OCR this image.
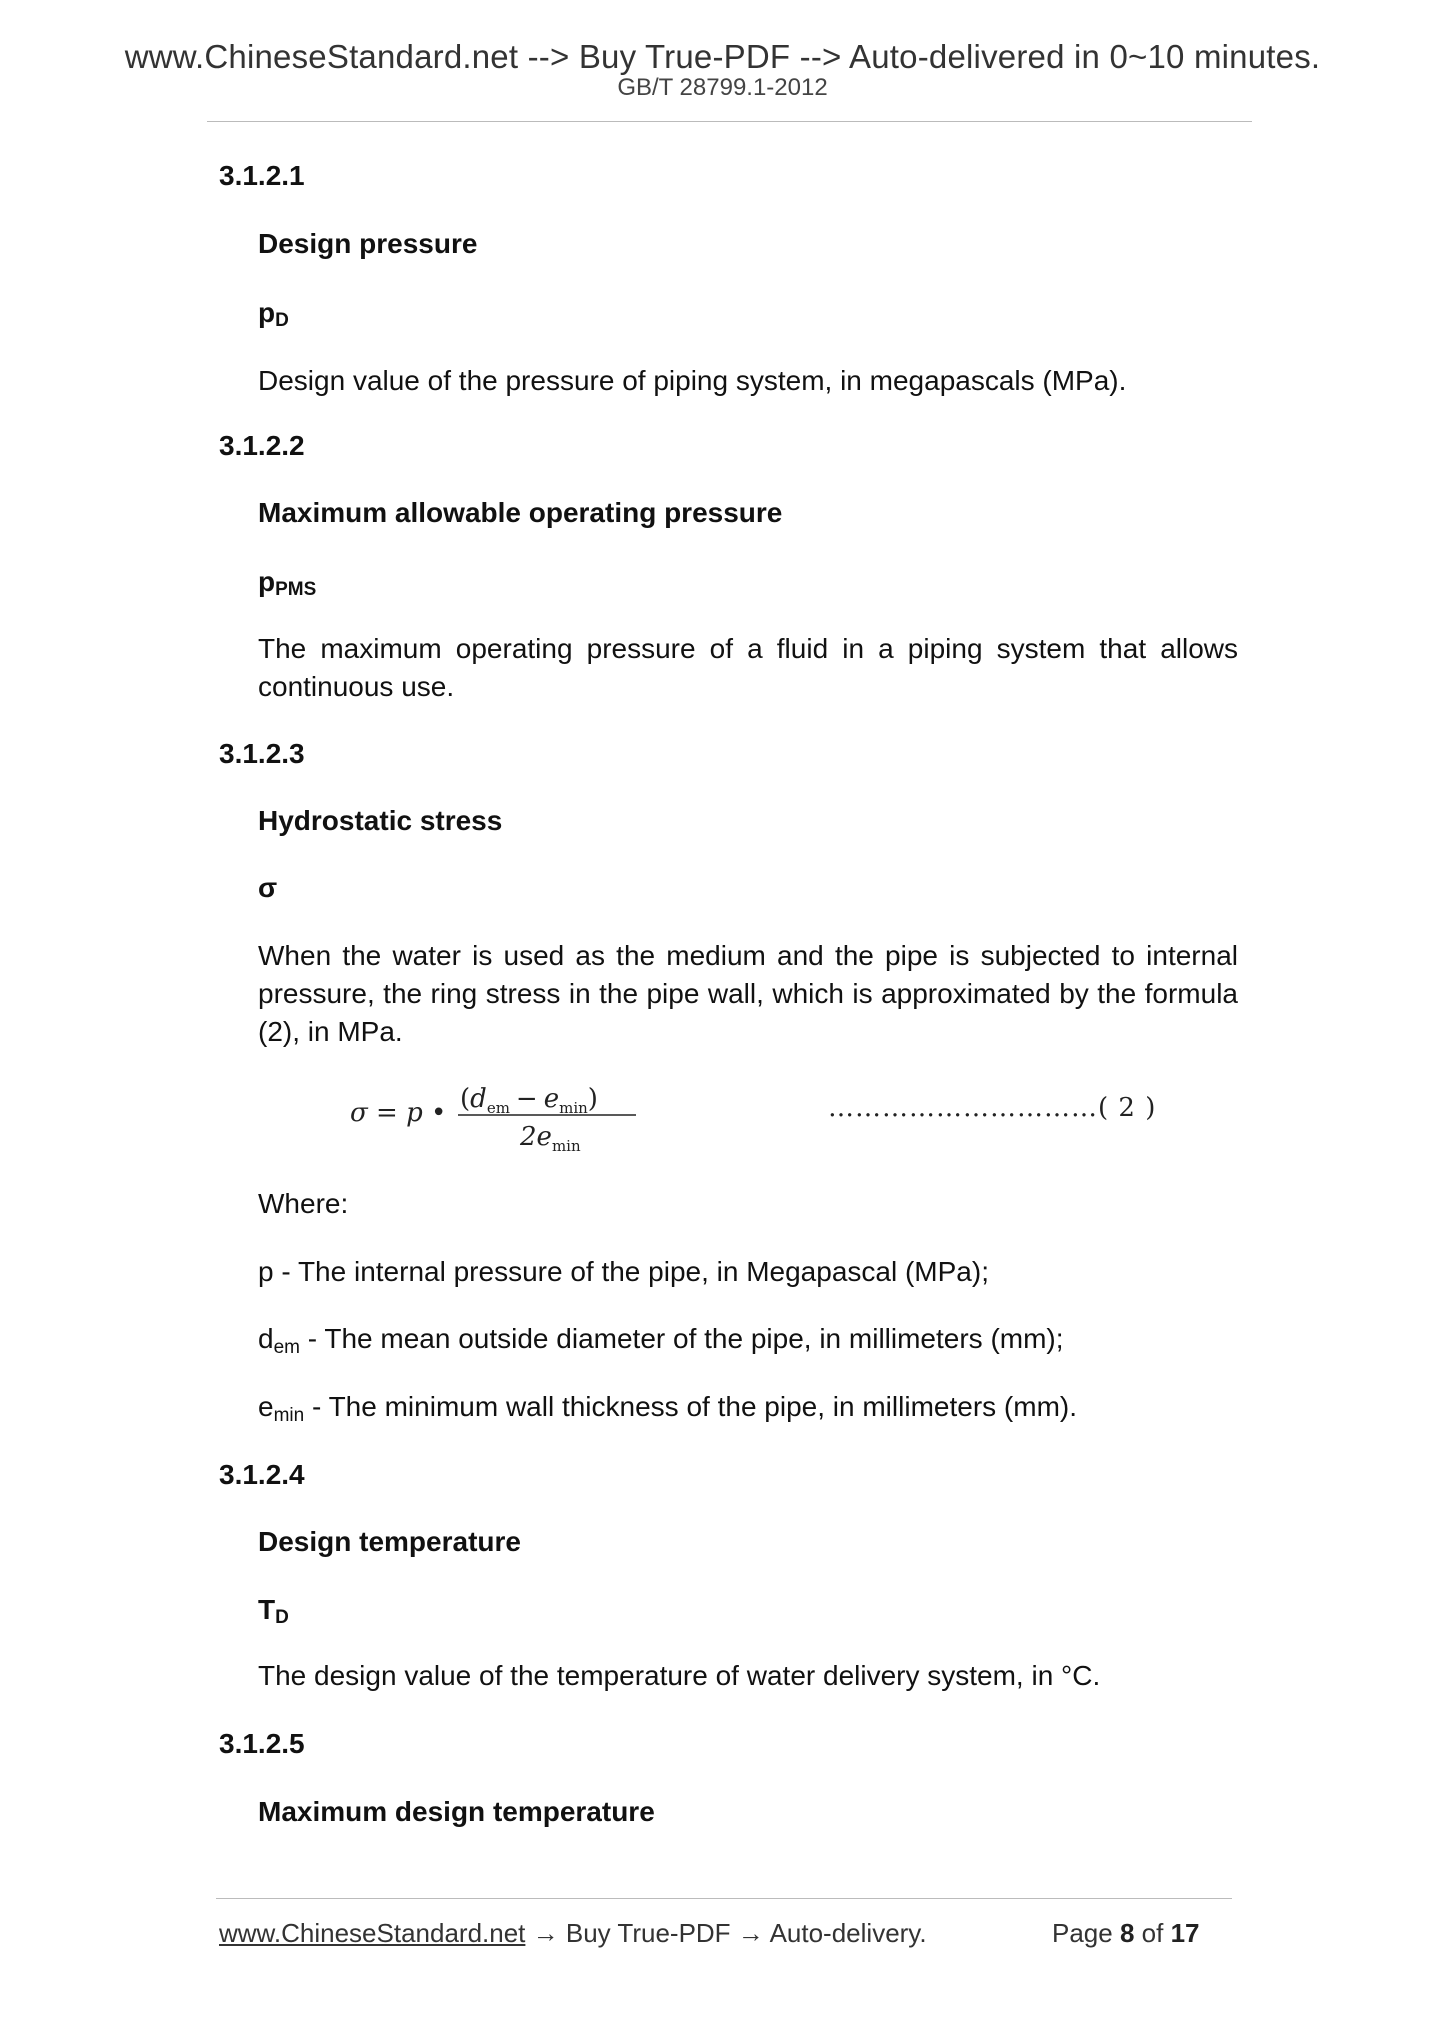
www.ChineseStandard.net --> Buy True-PDF --> Auto-delivered in 0~10 minutes.
GB/T 28799.1-2012
3.1.2.1
Design pressure
$p_D$
Design value of the pressure of piping system, in megapascals (MPa).
3.1.2.2
Maximum allowable operating pressure
$p_{PMS}$
The maximum operating pressure of a fluid in a piping system that allows continuous use.
3.1.2.3
Hydrostatic stress
σ
When the water is used as the medium and the pipe is subjected to internal pressure, the ring stress in the pipe wall, which is approximated by the formula (2), in MPa.
σ = p • $(d_{em} - e_{min})$
$2e_{min}$
…………………………( 2 )
Where:
p - The internal pressure of the pipe, in Megapascal (MPa);
$d_{em}$ - The mean outside diameter of the pipe, in millimeters (mm);
$e_{min}$ - The minimum wall thickness of the pipe, in millimeters (mm).
3.1.2.4
Design temperature
$T_D$
The design value of the temperature of water delivery system, in °C.
3.1.2.5
Maximum design temperature
www.ChineseStandard.net → Buy True-PDF → Auto-delivery.	Page 8 of 17
